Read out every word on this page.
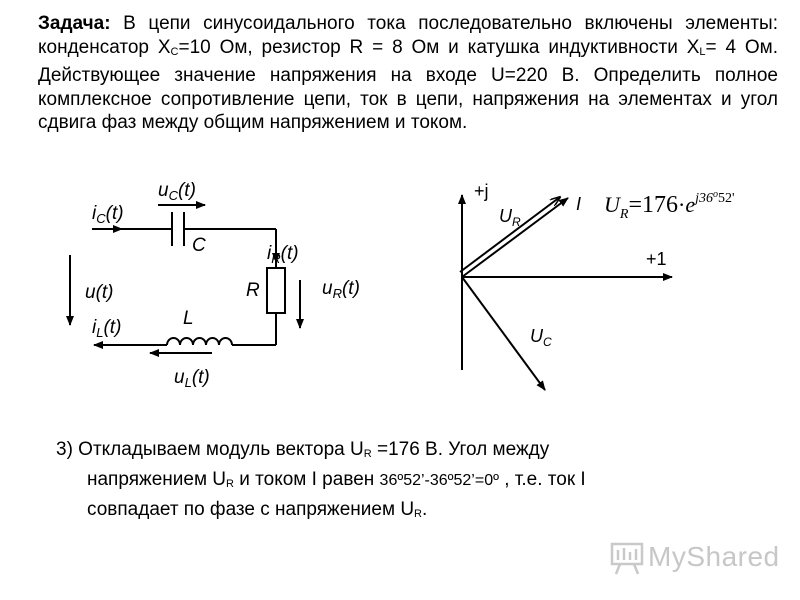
Задача: В цепи синусоидального тока последовательно включены элементы: конденсатор XC=10 Ом, резистор R = 8 Ом и катушка индуктивности XL= 4 Ом. Действующее значение напряжения на входе U=220 В. Определить полное комплексное сопротивление цепи, ток в цепи, напряжения на элементах и угол сдвига фаз между общим напряжением и током.
$u_C(t)$
$i_C(t)$
C	$i_R(t)$
u(t)	R	$u_R(t)$
$i_L(t)$	L
$u_L(t)$
+j
+1
$U_R$
I
$U_C$
$U_R=176\cdot e^{j36o}_{52'}$
3) Откладываем модуль вектора UR =176 В. Угол между
напряжением UR и током I равен 36º52’-36º52’=0º , т.е. ток I
совпадает по фазе с напряжением UR.
MyShared
